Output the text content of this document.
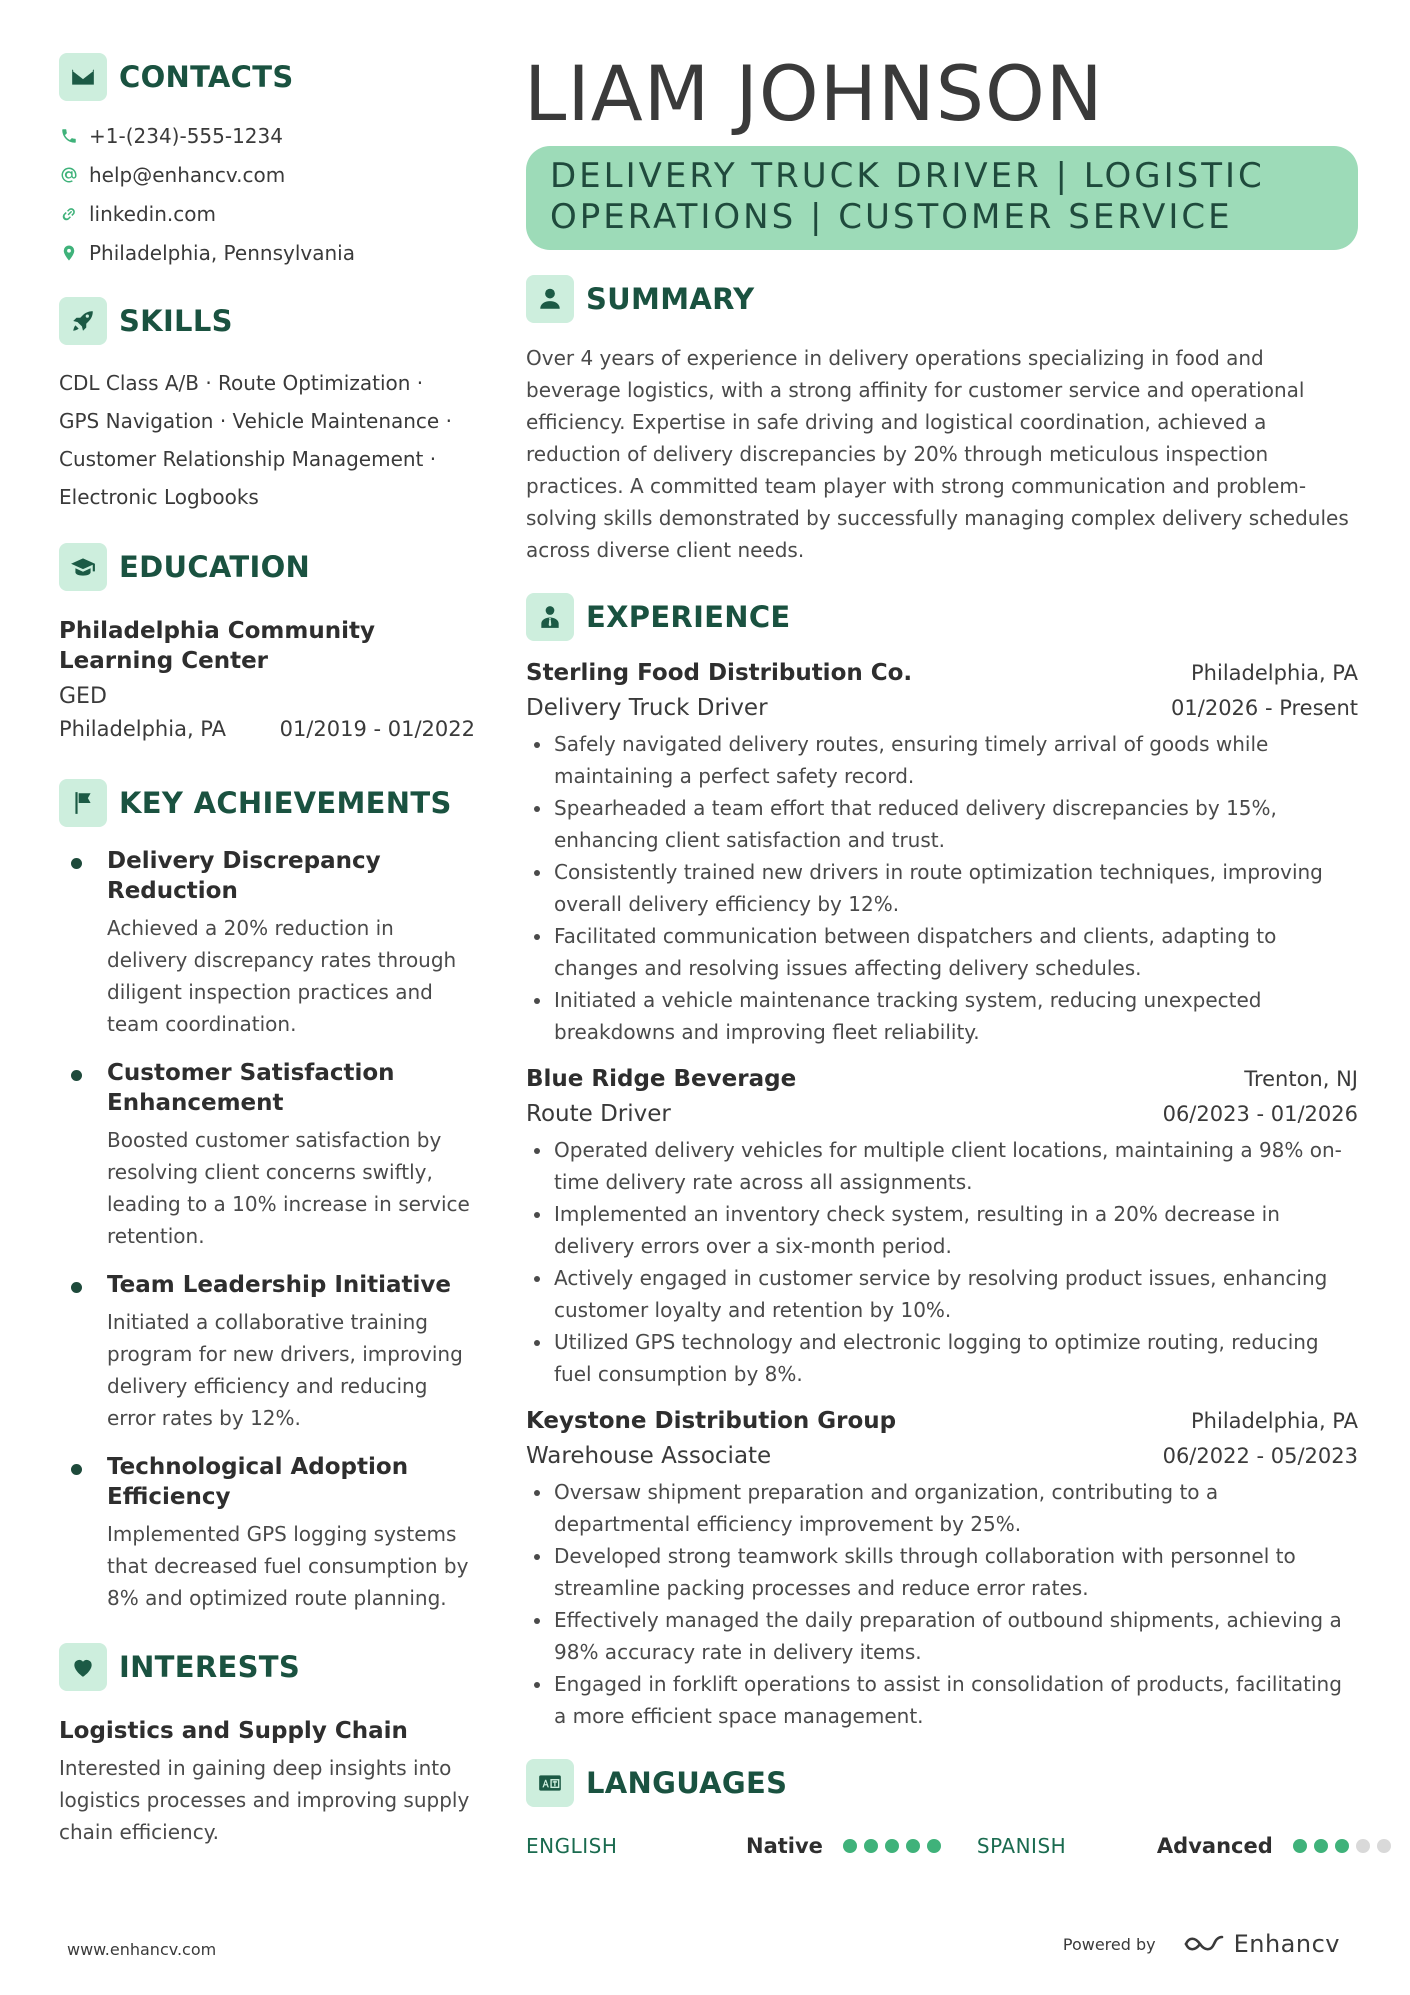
CONTACTS
+1-(234)-555-1234
help@enhancv.com
linkedin.com
Philadelphia, Pennsylvania
SKILLS
CDL Class A/B · Route Optimization · GPS Navigation · Vehicle Maintenance · Customer Relationship Management · Electronic Logbooks
EDUCATION
Philadelphia Community Learning Center
GED
Philadelphia, PA	01/2019 - 01/2022
KEY ACHIEVEMENTS
Delivery Discrepancy Reduction
Achieved a 20% reduction in delivery discrepancy rates through diligent inspection practices and team coordination.
Customer Satisfaction Enhancement
Boosted customer satisfaction by resolving client concerns swiftly, leading to a 10% increase in service retention.
Team Leadership Initiative
Initiated a collaborative training program for new drivers, improving delivery efficiency and reducing error rates by 12%.
Technological Adoption Efficiency
Implemented GPS logging systems that decreased fuel consumption by 8% and optimized route planning.
INTERESTS
Logistics and Supply Chain
Interested in gaining deep insights into logistics processes and improving supply chain efficiency.
LIAM JOHNSON
DELIVERY TRUCK DRIVER | LOGISTIC OPERATIONS | CUSTOMER SERVICE
SUMMARY
Over 4 years of experience in delivery operations specializing in food and beverage logistics, with a strong affinity for customer service and operational efficiency. Expertise in safe driving and logistical coordination, achieved a reduction of delivery discrepancies by 20% through meticulous inspection practices. A committed team player with strong communication and problem-solving skills demonstrated by successfully managing complex delivery schedules across diverse client needs.
EXPERIENCE
Sterling Food Distribution Co.	Philadelphia, PA
Delivery Truck Driver	01/2026 - Present
Safely navigated delivery routes, ensuring timely arrival of goods while maintaining a perfect safety record.
Spearheaded a team effort that reduced delivery discrepancies by 15%, enhancing client satisfaction and trust.
Consistently trained new drivers in route optimization techniques, improving overall delivery efficiency by 12%.
Facilitated communication between dispatchers and clients, adapting to changes and resolving issues affecting delivery schedules.
Initiated a vehicle maintenance tracking system, reducing unexpected breakdowns and improving fleet reliability.
Blue Ridge Beverage	Trenton, NJ
Route Driver	06/2023 - 01/2026
Operated delivery vehicles for multiple client locations, maintaining a 98% on-time delivery rate across all assignments.
Implemented an inventory check system, resulting in a 20% decrease in delivery errors over a six-month period.
Actively engaged in customer service by resolving product issues, enhancing customer loyalty and retention by 10%.
Utilized GPS technology and electronic logging to optimize routing, reducing fuel consumption by 8%.
Keystone Distribution Group	Philadelphia, PA
Warehouse Associate	06/2022 - 05/2023
Oversaw shipment preparation and organization, contributing to a departmental efficiency improvement by 25%.
Developed strong teamwork skills through collaboration with personnel to streamline packing processes and reduce error rates.
Effectively managed the daily preparation of outbound shipments, achieving a 98% accuracy rate in delivery items.
Engaged in forklift operations to assist in consolidation of products, facilitating a more efficient space management.
LANGUAGES
ENGLISH	Native	SPANISH	Advanced
www.enhancv.com	Powered by	Enhancv
